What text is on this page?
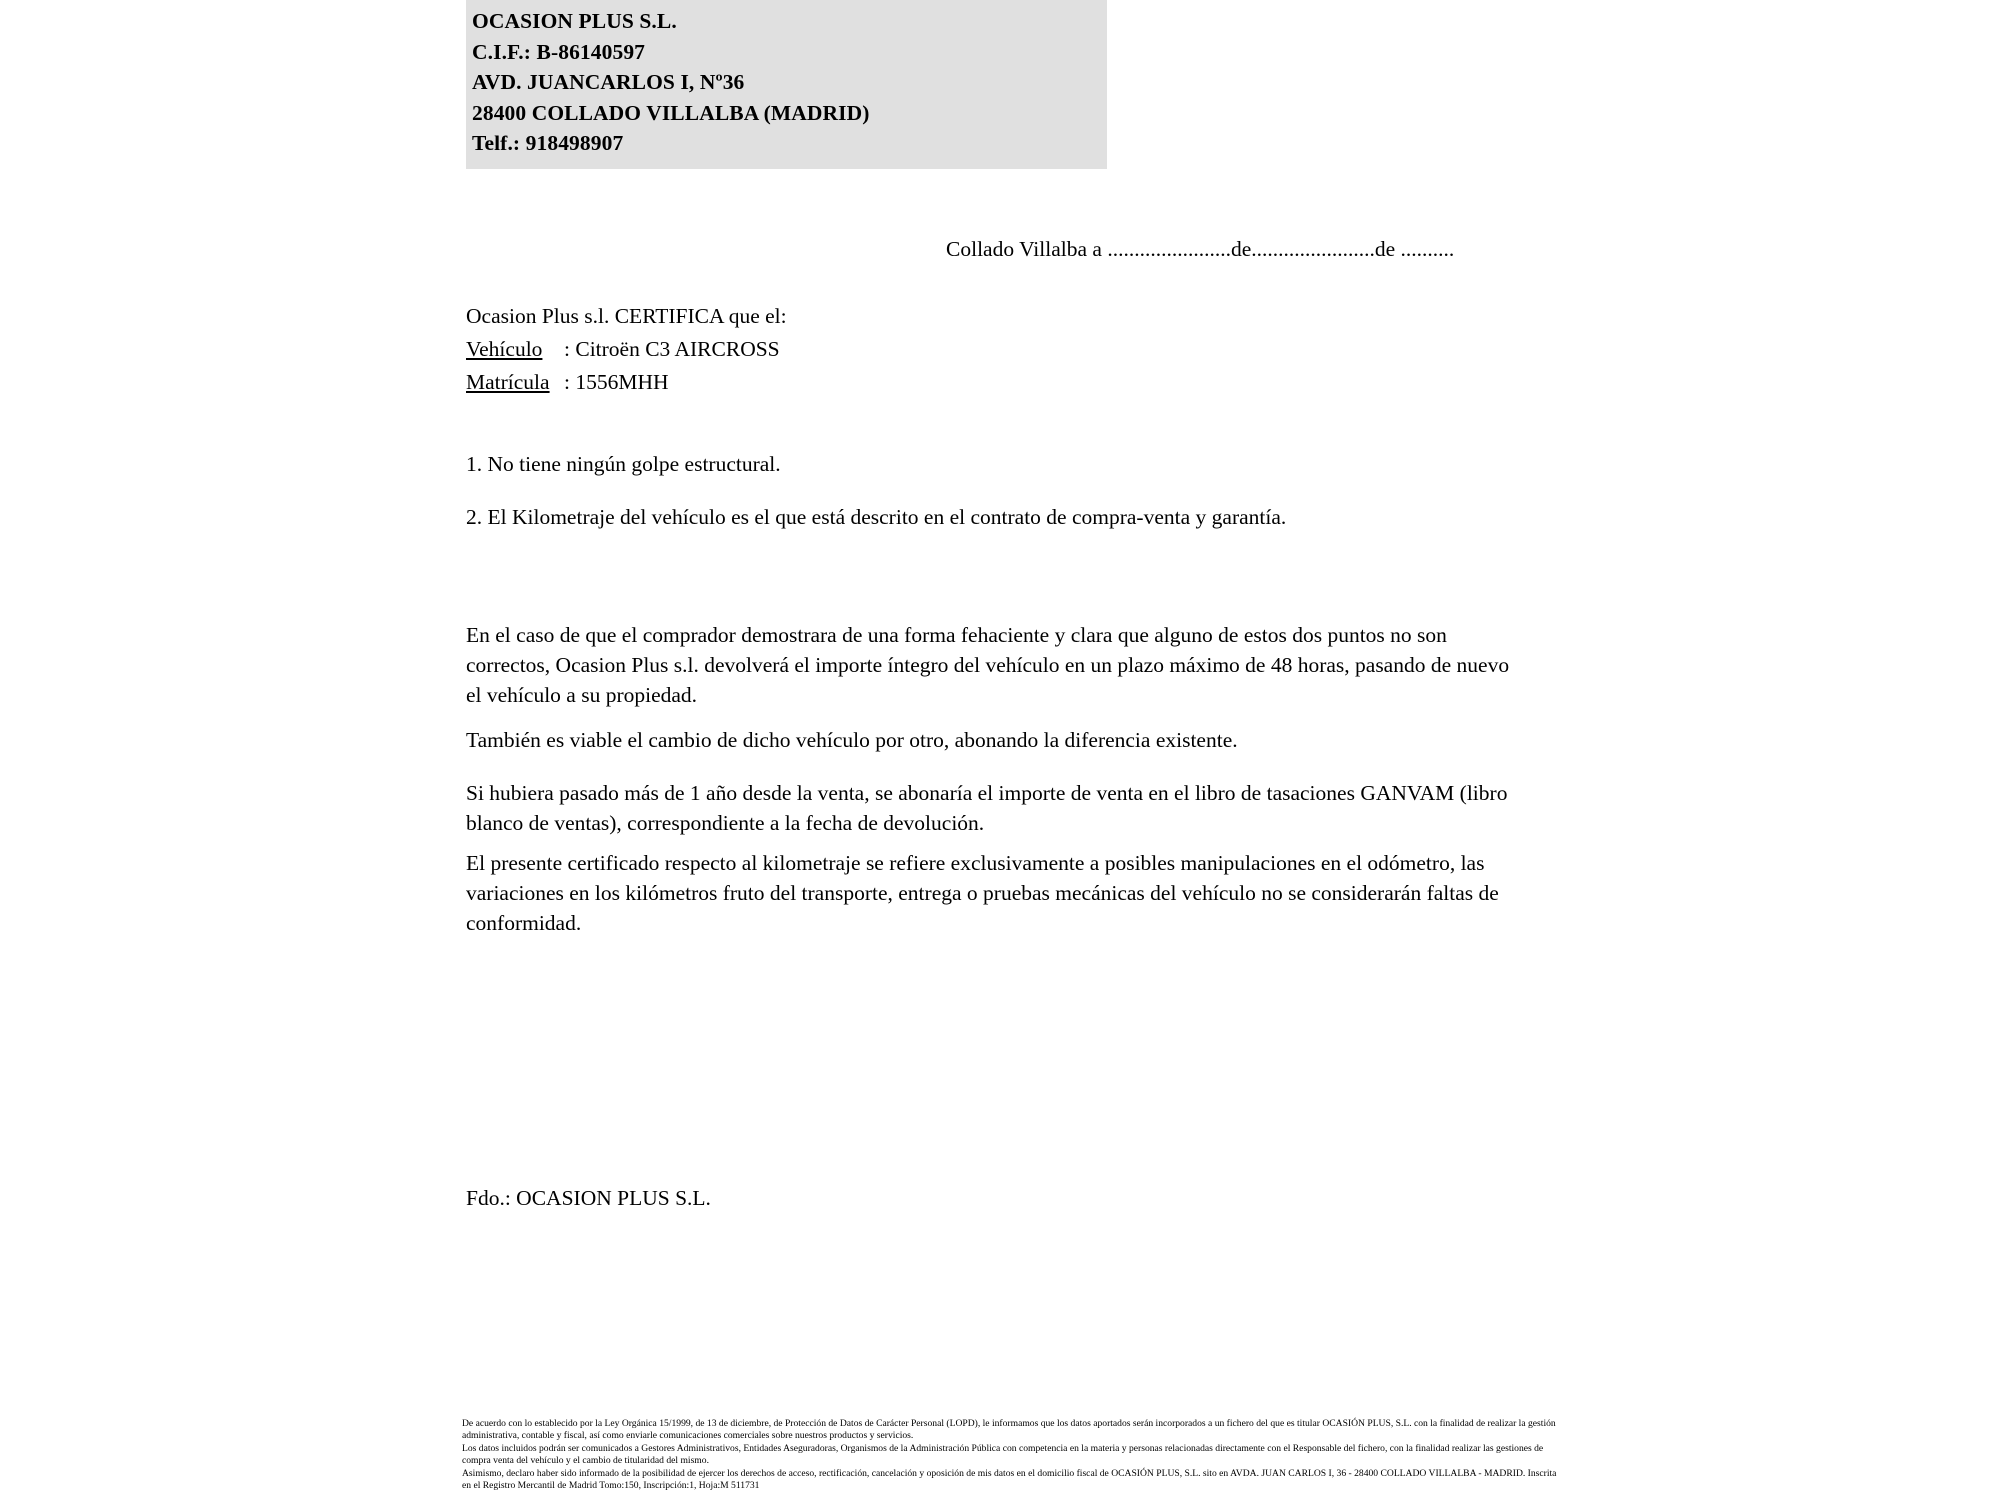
OCASION PLUS S.L.
C.I.F.: B-86140597
AVD. JUANCARLOS I, Nº36
28400 COLLADO VILLALBA (MADRID)
Telf.: 918498907
Collado Villalba a .......................de.......................de ..........
Ocasion Plus s.l. CERTIFICA que el:
Vehículo : Citroën C3 AIRCROSS
Matrícula : 1556MHH
1. No tiene ningún golpe estructural.
2. El Kilometraje del vehículo es el que está descrito en el contrato de compra-venta y garantía.
En el caso de que el comprador demostrara de una forma fehaciente y clara que alguno de estos dos puntos no son correctos, Ocasion Plus s.l. devolverá el importe íntegro del vehículo en un plazo máximo de 48 horas, pasando de nuevo el vehículo a su propiedad.
También es viable el cambio de dicho vehículo por otro, abonando la diferencia existente.
Si hubiera pasado más de 1 año desde la venta, se abonaría el importe de venta en el libro de tasaciones GANVAM (libro blanco de ventas), correspondiente a la fecha de devolución.
El presente certificado respecto al kilometraje se refiere exclusivamente a posibles manipulaciones en el odómetro, las variaciones en los kilómetros fruto del transporte, entrega o pruebas mecánicas del vehículo no se considerarán faltas de conformidad.
Fdo.: OCASION PLUS S.L.

De acuerdo con lo establecido por la Ley Orgánica 15/1999, de 13 de diciembre, de Protección de Datos de Carácter Personal (LOPD), le informamos que los datos aportados serán incorporados a un fichero del que es titular OCASIÓN PLUS, S.L. con la finalidad de realizar la gestión administrativa, contable y fiscal, así como enviarle comunicaciones comerciales sobre nuestros productos y servicios.

Los datos incluidos podrán ser comunicados a Gestores Administrativos, Entidades Aseguradoras, Organismos de la Administración Pública con competencia en la materia y personas relacionadas directamente con el Responsable del fichero, con la finalidad realizar las gestiones de compra venta del vehículo y el cambio de titularidad del mismo.

Asimismo, declaro haber sido informado de la posibilidad de ejercer los derechos de acceso, rectificación, cancelación y oposición de mis datos en el domicilio fiscal de OCASIÓN PLUS, S.L. sito en AVDA. JUAN CARLOS I, 36 - 28400 COLLADO VILLALBA - MADRID. Inscrita en el Registro Mercantil de Madrid Tomo:150, Inscripción:1, Hoja:M 511731
